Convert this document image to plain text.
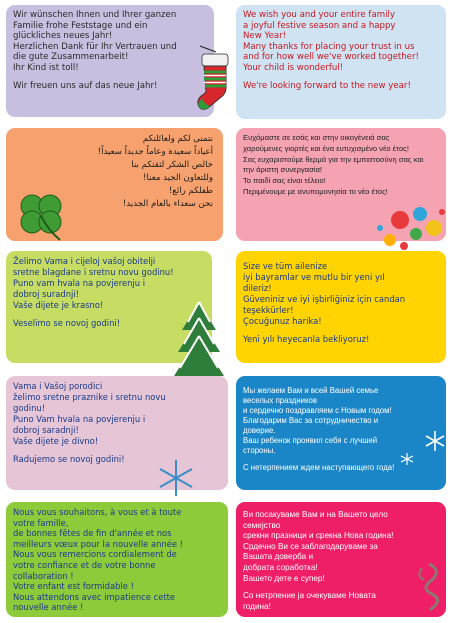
Wir wünschen Ihnen und Ihrer ganzen
Familie frohe Feststage und ein
glückliches neues Jahr!
Herzlichen Dank für Ihr Vertrauen und
die gute Zusammenarbeit!
Ihr Kind ist toll!

Wir freuen uns auf das neue Jahr!

We wish you and your entire family
a joyful festive season and a happy
New Year!
Many thanks for placing your trust in us
and for how well we've worked together!
Your child is wonderful!

We're looking forward to the new year!

نتمنى لكم ولعائلتكم
أعياداً سعيدة وعاماً جديداً سعيداً!
خالص الشكر لثقتكم بنا
وللتعاون الجيد معنا!
طفلكم رائع!
نحن سعداء بالعام الجديد!

Ευχόμαστε σε εσάς και στην οικογένειά σας
χαρούμενες γιορτές και ένα ευτυχισμένο νέο έτος!
Σας ευχαριστούμε θερμά για την εμπιστοσύνη σας και
την άριστη συνεργασία!
Το παιδί σας είναι τέλειο!
Περιμένουμε με ανυπομονησία το νέο έτος!

Želimo Vama i cijeloj vašoj obitelji
sretne blagdane i sretnu novu godinu!
Puno vam hvala na povjerenju i
dobroj suradnji!
Vaše dijete je krasno!

Veselimo se novoj godini!

Size ve tüm ailenize
iyi bayramlar ve mutlu bir yeni yıl
dileriz!
Güveniniz ve iyi işbirliğiniz için candan
teşekkürler!
Çocuğunuz harika!

Yeni yılı heyecanla bekliyoruz!

Vama i Vašoj porodici
želimo sretne praznike i sretnu novu
godinu!
Puno Vam hvala na povjerenju i
dobroj saradnji!
Vaše dijete je divno!

Radujemo se novoj godini!

Мы желаем Вам и всей Вашей семье
веселых праздников
и сердечно поздравляем с Новым годом!
Благодарим Вас за сотрудничество и
доверие.
Ваш ребенок проявил себя с лучшей
стороны.

С нетерпением ждем наступающего года!

Nous vous souhaitons, à vous et à toute
votre famille,
de bonnes fêtes de fin d'année et nos
meilleurs vœux pour la nouvelle année !
Nous vous remercions cordialement de
votre confiance et de votre bonne
collaboration !
Votre enfant est formidable !
Nous attendons avec impatience cette
nouvelle année !

Ви посакуваме Вам и на Вашето цело
семејство
срекни празници и срекна Нова година!
Срдечно Ви се заблагодаруваме за
Вашата доверба и
добрата соработка!
Вашето дете е супер!

Со нетрпение ја очекуваме Новата
година!
